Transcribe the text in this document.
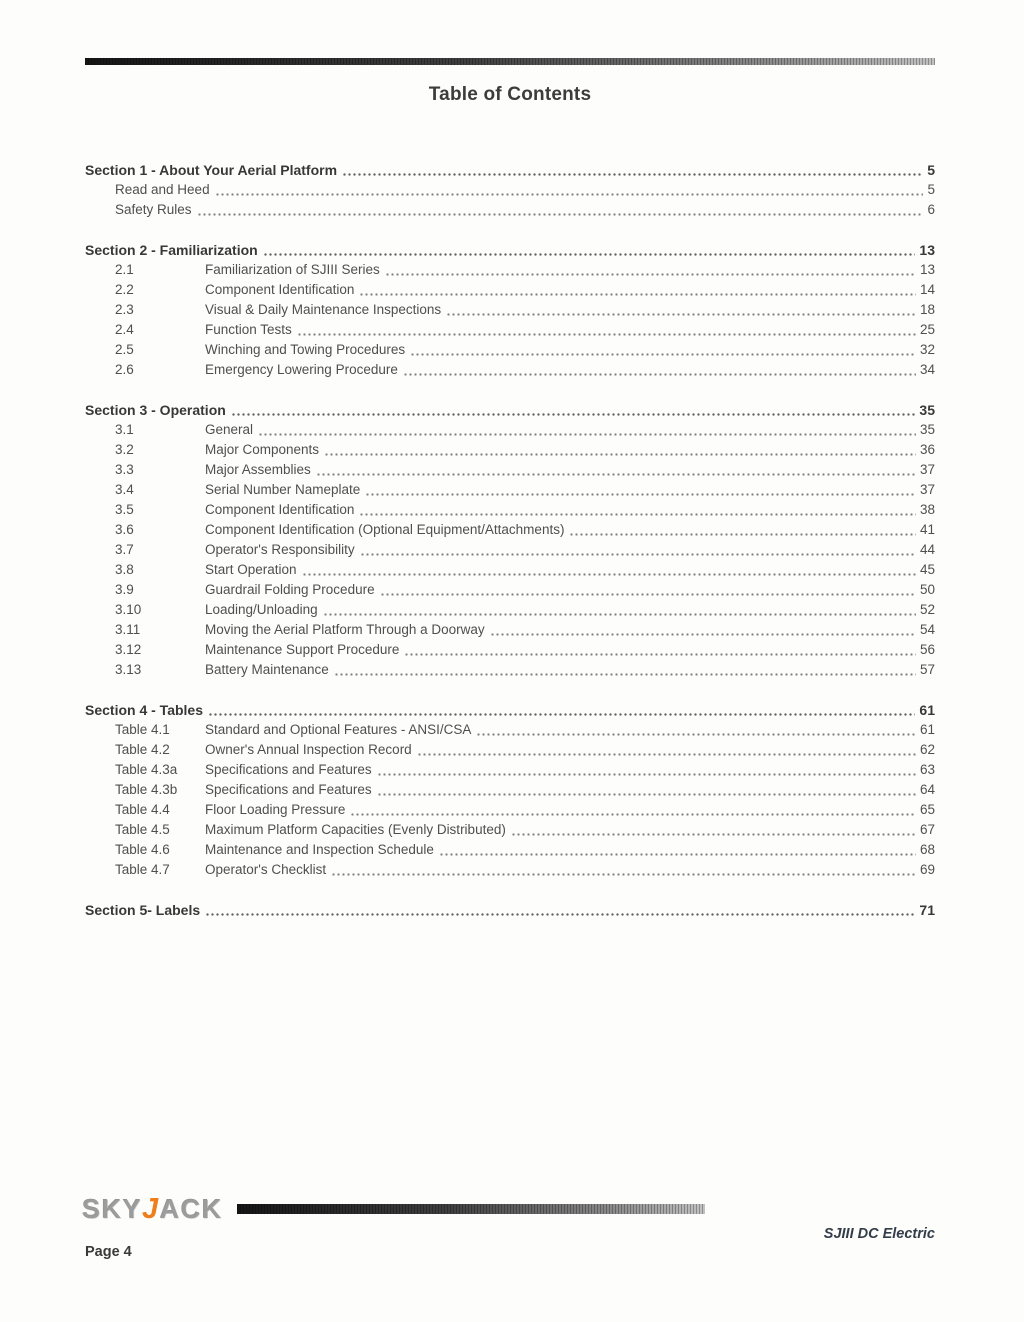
Table of Contents
Section 1 - About Your Aerial Platform	5
Read and Heed	5
Safety Rules	6
Section 2 - Familiarization	13
2.1	Familiarization of SJIII Series	13
2.2	Component Identification	14
2.3	Visual & Daily Maintenance Inspections	18
2.4	Function Tests	25
2.5	Winching and Towing Procedures	32
2.6	Emergency Lowering Procedure	34
Section 3 - Operation	35
3.1	General	35
3.2	Major Components	36
3.3	Major Assemblies	37
3.4	Serial Number Nameplate	37
3.5	Component Identification	38
3.6	Component Identification (Optional Equipment/Attachments)	41
3.7	Operator's Responsibility	44
3.8	Start Operation	45
3.9	Guardrail Folding Procedure	50
3.10	Loading/Unloading	52
3.11	Moving the Aerial Platform Through a Doorway	54
3.12	Maintenance Support Procedure	56
3.13	Battery Maintenance	57
Section 4 - Tables	61
Table 4.1	Standard and Optional Features - ANSI/CSA	61
Table 4.2	Owner's Annual Inspection Record	62
Table 4.3a	Specifications and Features	63
Table 4.3b	Specifications and Features	64
Table 4.4	Floor Loading Pressure	65
Table 4.5	Maximum Platform Capacities (Evenly Distributed)	67
Table 4.6	Maintenance and Inspection Schedule	68
Table 4.7	Operator's Checklist	69
Section 5- Labels	71
SKYJACK
SJIII DC Electric
Page 4
